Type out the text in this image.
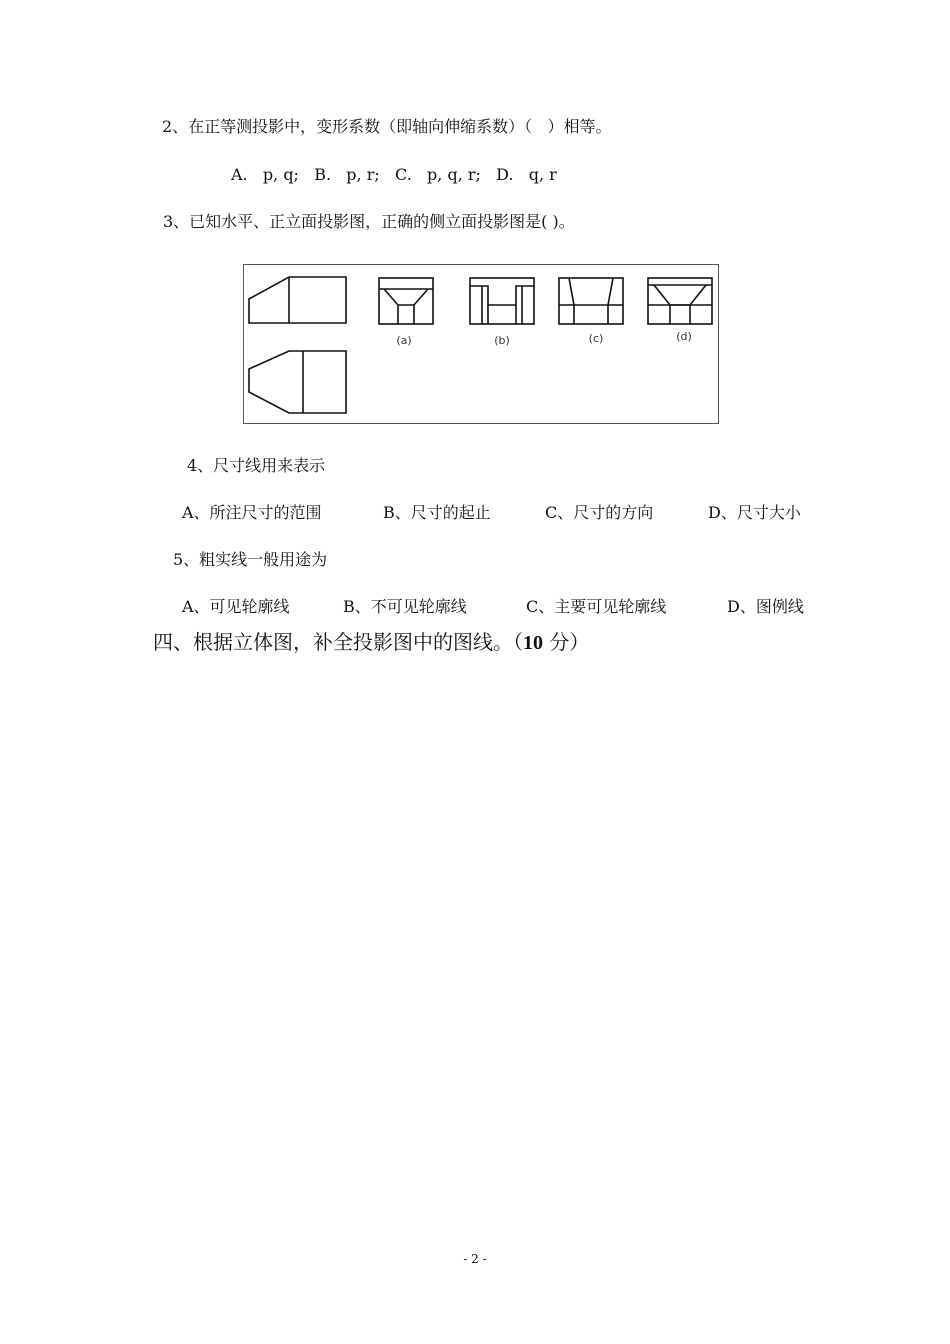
2、在正等测投影中，变形系数（即轴向伸缩系数）（   ）相等。
A.   p, q;   B.   p, r;   C.   p, q, r;   D.   q, r
3、已知水平、正立面投影图，正确的侧立面投影图是( )。
(a)	(b)	(c)	(d)
4、尺寸线用来表示
A、所注尺寸的范围	B、尺寸的起止	C、尺寸的方向	D、尺寸大小
5、粗实线一般用途为
A、可见轮廓线	B、不可见轮廓线	C、主要可见轮廓线	D、图例线
四、根据立体图，补全投影图中的图线。（10 分）
- 2 -
